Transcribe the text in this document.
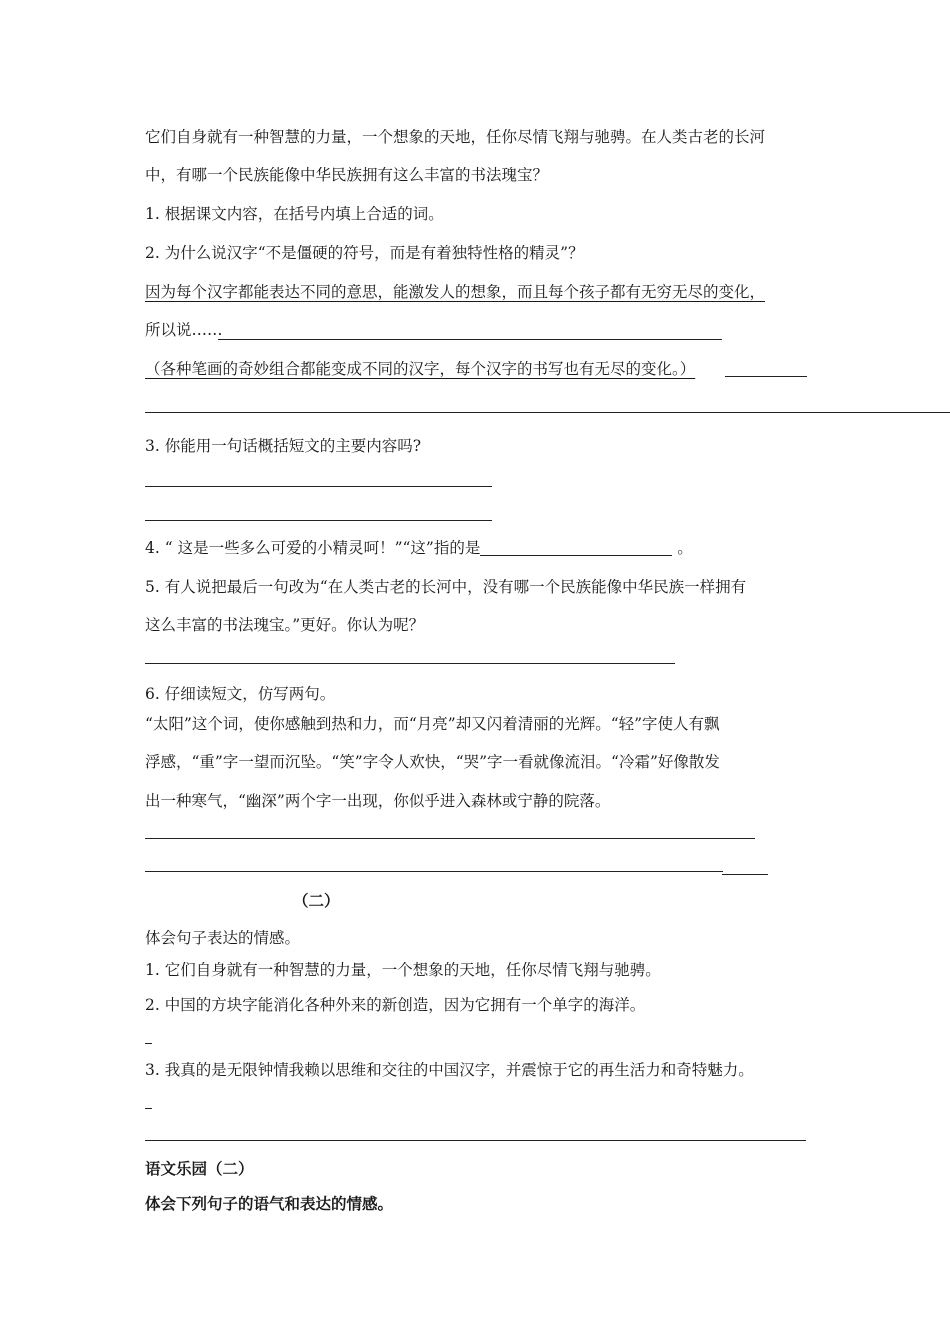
它们自身就有一种智慧的力量，一个想象的天地，任你尽情飞翔与驰骋。在人类古老的长河
中，有哪一个民族能像中华民族拥有这么丰富的书法瑰宝？
1. 根据课文内容，在括号内填上合适的词。
2. 为什么说汉字“不是僵硬的符号，而是有着独特性格的精灵”？
因为每个汉字都能表达不同的意思，能激发人的想象，而且每个孩子都有无穷无尽的变化，
所以说……
（各种笔画的奇妙组合都能变成不同的汉字，每个汉字的书写也有无尽的变化。）
3. 你能用一句话概括短文的主要内容吗?
4. “ 这是一些多么可爱的小精灵呵！”“这”指的是	。
5. 有人说把最后一句改为“在人类古老的长河中，没有哪一个民族能像中华民族一样拥有
这么丰富的书法瑰宝。”更好。你认为呢？
6. 仔细读短文，仿写两句。
“太阳”这个词，使你感触到热和力，而“月亮”却又闪着清丽的光辉。“轻”字使人有飘
浮感，“重”字一望而沉坠。“笑”字令人欢快，“哭”字一看就像流泪。“冷霜”好像散发
出一种寒气，“幽深”两个字一出现，你似乎进入森林或宁静的院落。
（二）
体会句子表达的情感。
1. 它们自身就有一种智慧的力量，一个想象的天地，任你尽情飞翔与驰骋。
2. 中国的方块字能消化各种外来的新创造，因为它拥有一个单字的海洋。
3. 我真的是无限钟情我赖以思维和交往的中国汉字，并震惊于它的再生活力和奇特魅力。
语文乐园（二）
体会下列句子的语气和表达的情感。
